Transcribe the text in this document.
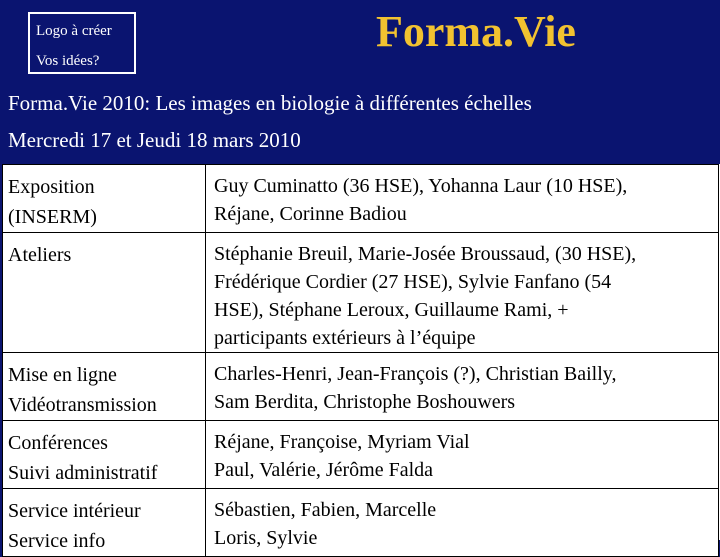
Logo à créer
Vos idées?
Forma.Vie
Forma.Vie 2010: Les images en biologie à différentes échelles
Mercredi 17 et Jeudi 18 mars 2010
Exposition
(INSERM)	Guy Cuminatto (36 HSE), Yohanna Laur (10 HSE),
Réjane, Corinne Badiou

Ateliers	Stéphanie Breuil, Marie-Josée Broussaud, (30 HSE),
Frédérique Cordier (27 HSE), Sylvie Fanfano (54
HSE), Stéphane Leroux, Guillaume Rami, +
participants extérieurs à l’équipe

Mise en ligne
Vidéotransmission	Charles-Henri, Jean-François (?), Christian Bailly,
Sam Berdita, Christophe Boshouwers

Conférences
Suivi administratif	Réjane, Françoise, Myriam Vial
Paul, Valérie, Jérôme Falda

Service intérieur
Service info	Sébastien, Fabien, Marcelle
Loris, Sylvie
